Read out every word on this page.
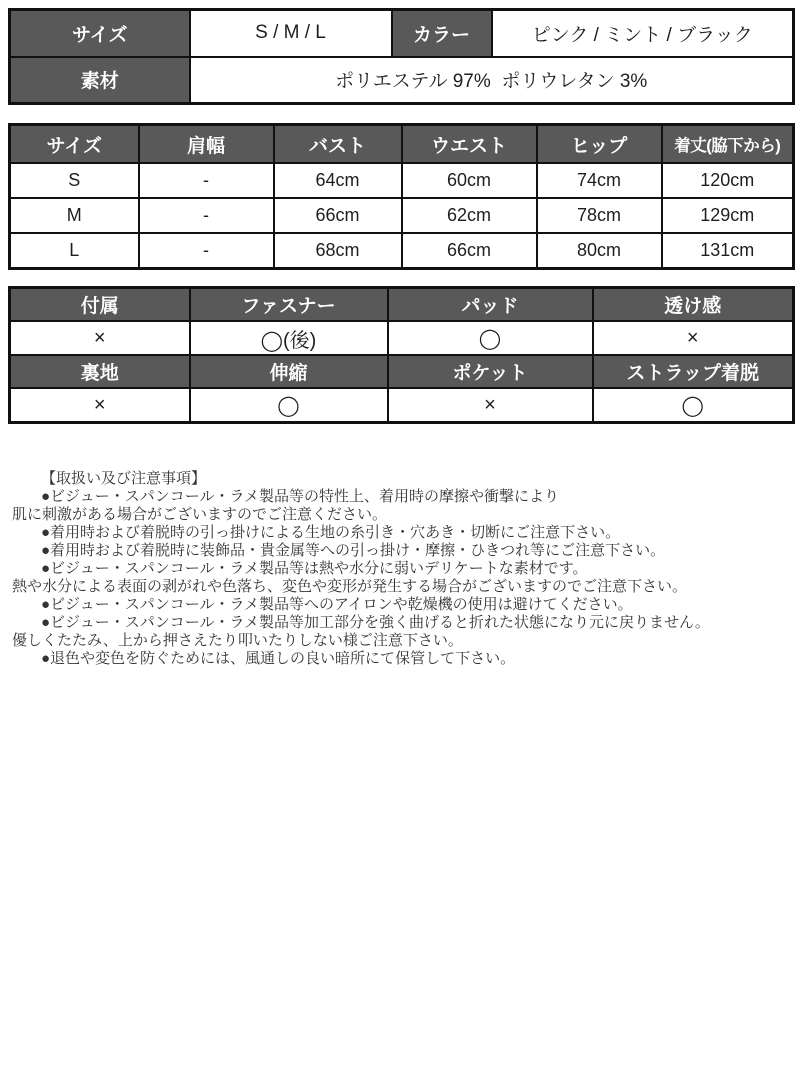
サイズ	S / M / L	カラー	ピンク / ミント / ブラック
素材	ポリエステル 97%  ポリウレタン 3%		
サイズ	肩幅	バスト	ウエスト	ヒップ	着丈(脇下から)
S	-	64cm	60cm	74cm	120cm
M	-	66cm	62cm	78cm	129cm
L	-	68cm	66cm	80cm	131cm
付属	ファスナー	パッド	透け感
×	◯(後)	◯	×
裏地	伸縮	ポケット	ストラップ着脱
×	◯	×	◯
【取扱い及び注意事項】
●ビジュー・スパンコール・ラメ製品等の特性上、着用時の摩擦や衝撃により
肌に刺激がある場合がございますのでご注意ください。
●着用時および着脱時の引っ掛けによる生地の糸引き・穴あき・切断にご注意下さい。
●着用時および着脱時に装飾品・貴金属等への引っ掛け・摩擦・ひきつれ等にご注意下さい。
●ビジュー・スパンコール・ラメ製品等は熱や水分に弱いデリケートな素材です。
熱や水分による表面の剥がれや色落ち、変色や変形が発生する場合がございますのでご注意下さい。
●ビジュー・スパンコール・ラメ製品等へのアイロンや乾燥機の使用は避けてください。
●ビジュー・スパンコール・ラメ製品等加工部分を強く曲げると折れた状態になり元に戻りません。
優しくたたみ、上から押さえたり叩いたりしない様ご注意下さい。
●退色や変色を防ぐためには、風通しの良い暗所にて保管して下さい。
